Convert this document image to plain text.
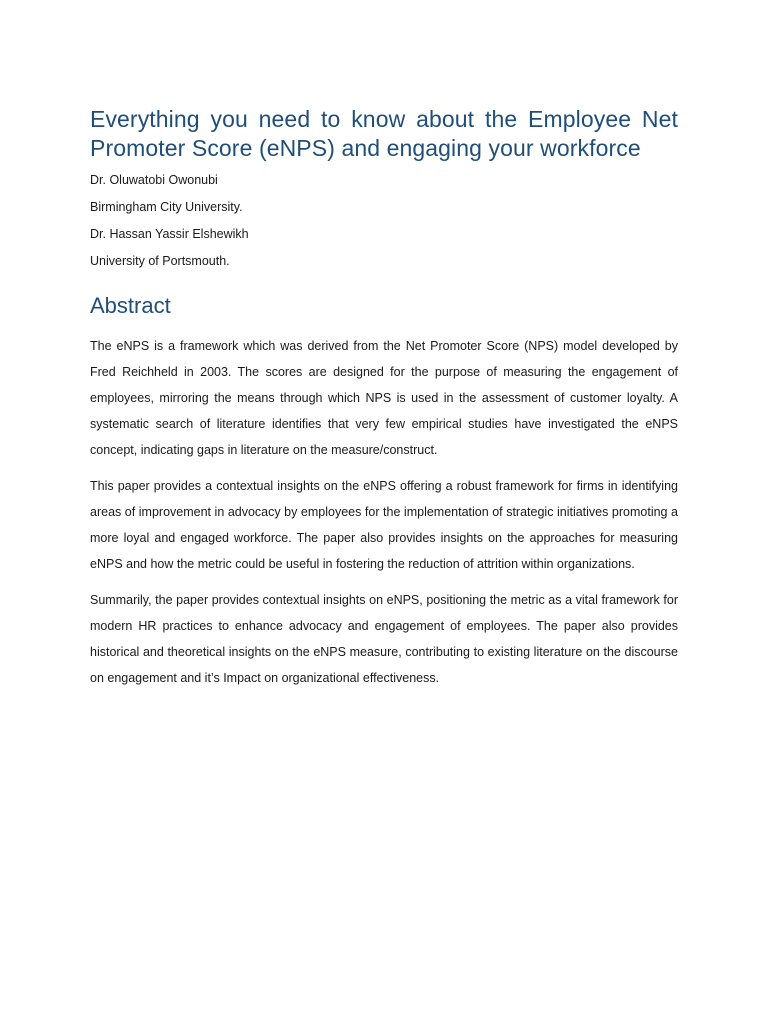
Everything you need to know about the Employee Net Promoter Score (eNPS) and engaging your workforce
Dr. Oluwatobi Owonubi
Birmingham City University.
Dr. Hassan Yassir Elshewikh
University of Portsmouth.
Abstract

The eNPS is a framework which was derived from the Net Promoter Score (NPS) model developed by Fred Reichheld in 2003. The scores are designed for the purpose of measuring the engagement of employees, mirroring the means through which NPS is used in the assessment of customer loyalty. A systematic search of literature identifies that very few empirical studies have investigated the eNPS concept, indicating gaps in literature on the measure/construct.

This paper provides a contextual insights on the eNPS offering a robust framework for firms in identifying areas of improvement in advocacy by employees for the implementation of strategic initiatives promoting a more loyal and engaged workforce. The paper also provides insights on the approaches for measuring eNPS and how the metric could be useful in fostering the reduction of attrition within organizations.

Summarily, the paper provides contextual insights on eNPS, positioning the metric as a vital framework for modern HR practices to enhance advocacy and engagement of employees. The paper also provides historical and theoretical insights on the eNPS measure, contributing to existing literature on the discourse on engagement and it’s Impact on organizational effectiveness.
